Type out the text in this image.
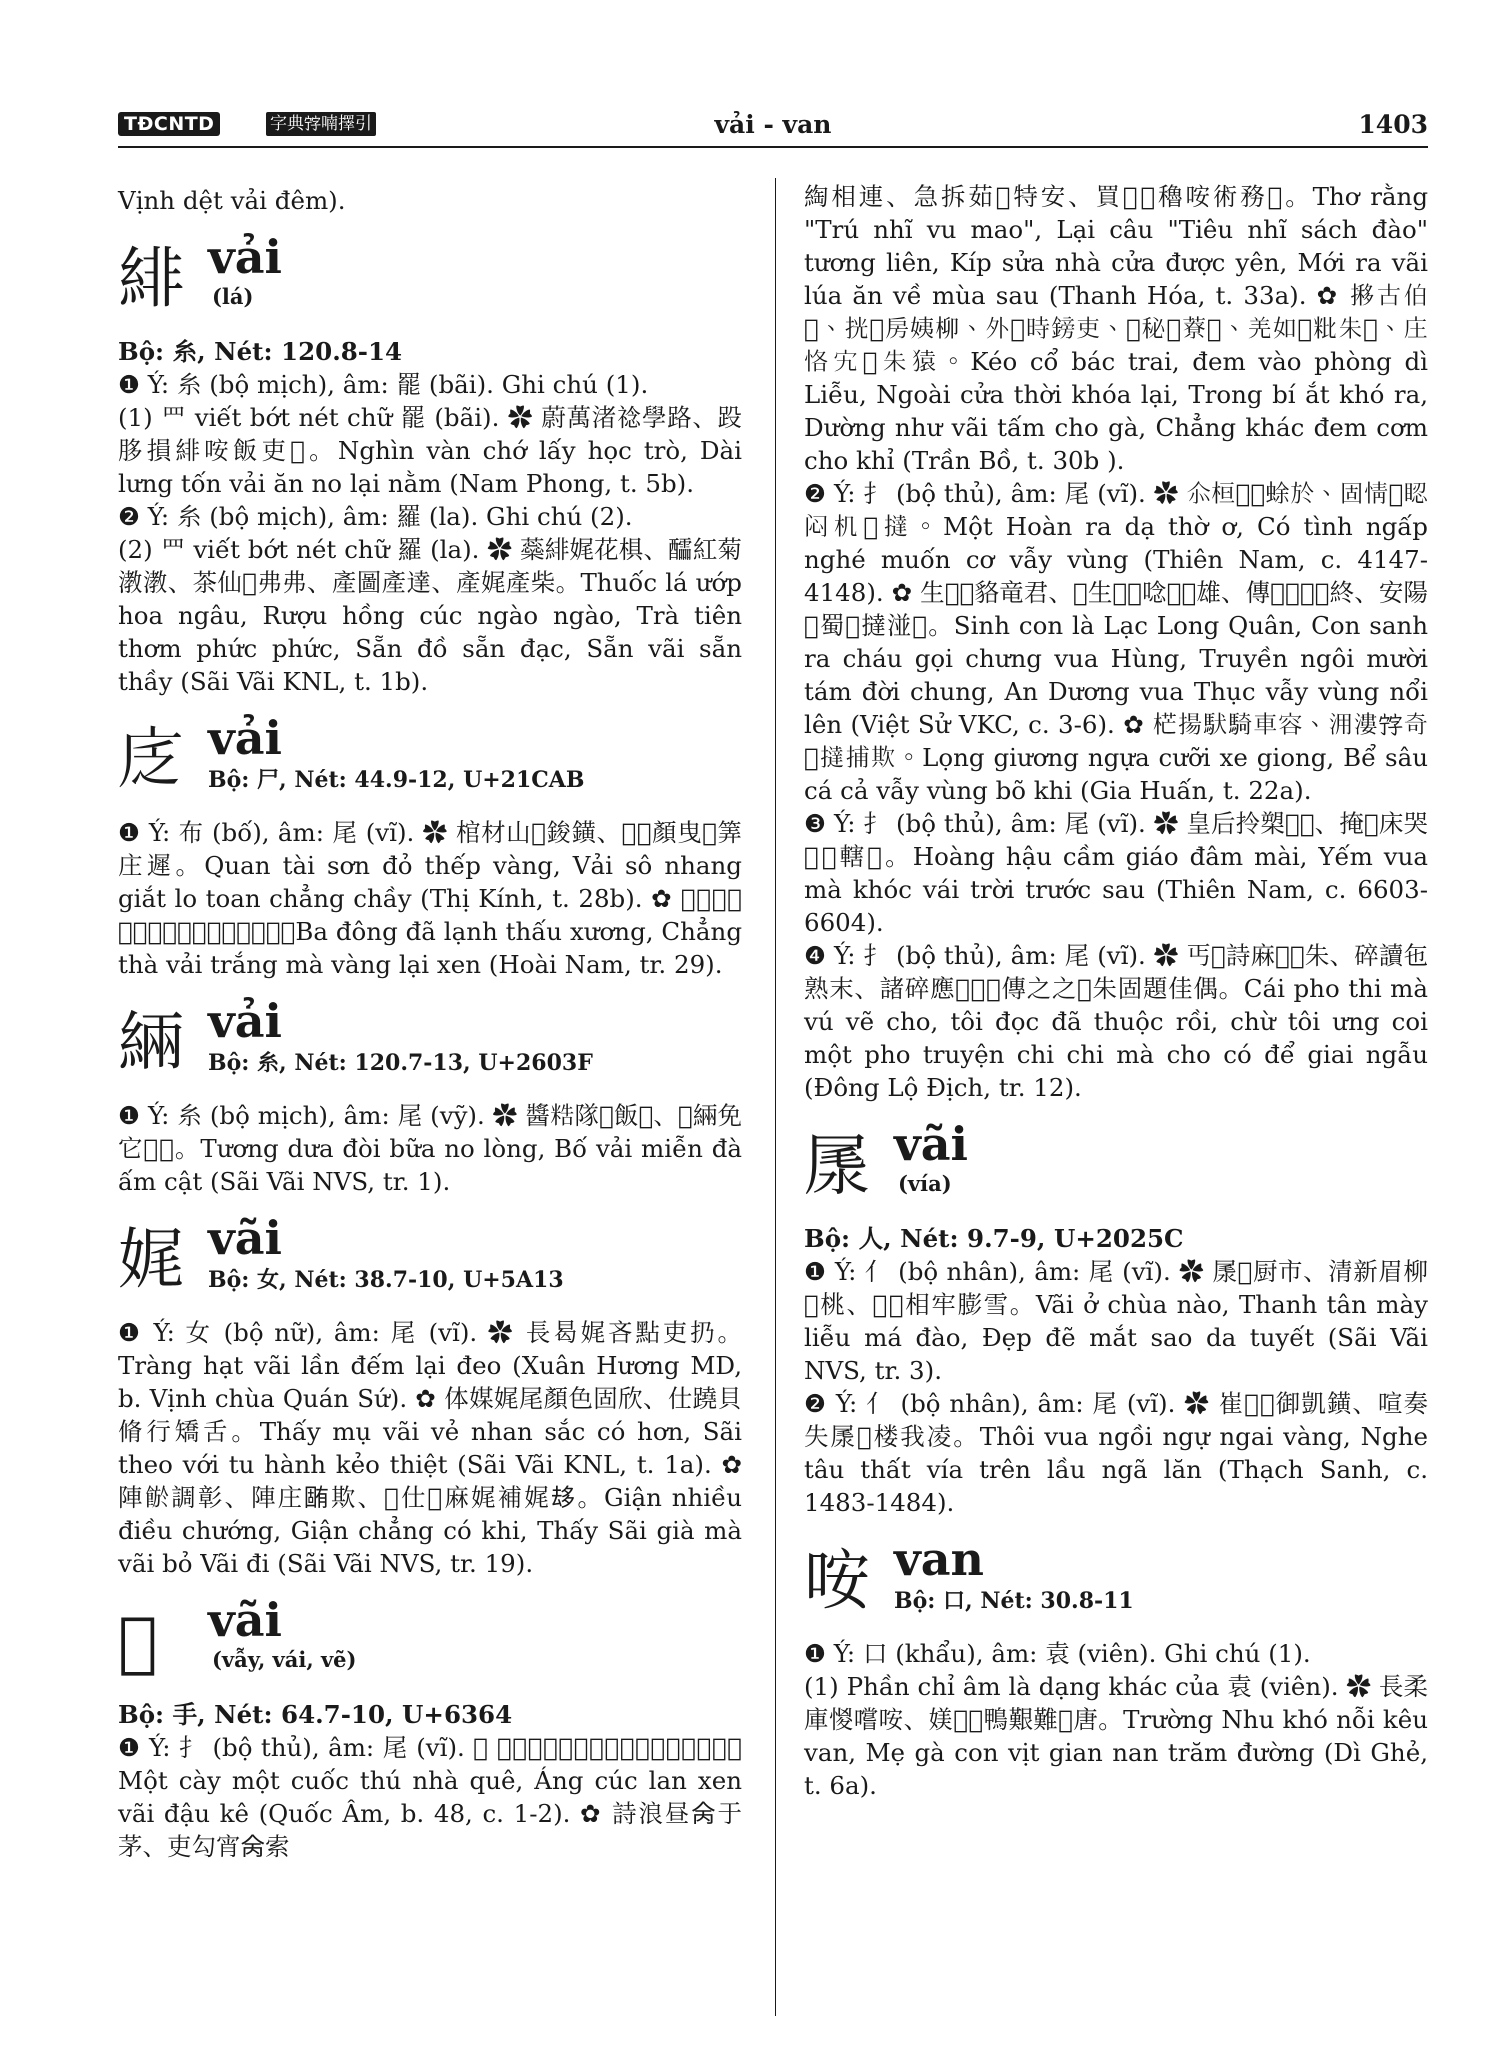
TĐCNTD	字典𡨸喃擇引	vải - van	1403

Vịnh dệt vải đêm).

緋 vải
(lá)

Bộ: 糸, Nét: 120.8-14

❶ Ý: 糸 (bộ mịch), âm: 罷 (bãi). Ghi chú (1).

(1) 罒 viết bớt nét chữ 罷 (bãi). ✿ 蔚萬渚䄒學路、䟝䏧損緋咹飯吏𦣰。Nghìn vàn chớ lấy học trò, Dài lưng tốn vải ăn no lại nằm (Nam Phong, t. 5b).

❷ Ý: 糸 (bộ mịch), âm: 羅 (la). Ghi chú (2).

(2) 罒 viết bớt nét chữ 羅 (la). ✿ 蘂緋娓花椇、醽紅菊漖漖、茶仙𦲿弗弗、產圖產達、產娓產柴。Thuốc lá ướp hoa ngâu, Rượu hồng cúc ngào ngào, Trà tiên thơm phức phức, Sẵn đồ sẵn đạc, Sẵn vãi sẵn thầy (Sãi Vãi KNL, t. 1b).

𢇫 vải
Bộ: 尸, Nét: 44.9-12, U+21CAB

❶ Ý: 布 (bố), âm: 尾 (vĩ). ✿ 棺材山𪽌鋑鐄、𢇫𦇒顏曳𢰥筭庄遲。Quan tài sơn đỏ thếp vàng, Vải sô nhang giắt lo toan chẳng chầy (Thị Kính, t. 28b). ✿ 𢀭冬㐌冷透昌、庄他𢇫𤽸麻鐄吏𢀭。Ba đông đã lạnh thấu xương, Chẳng thà vải trắng mà vàng lại xen (Hoài Nam, tr. 29).

緉 vải
Bộ: 糸, Nét: 120.7-13, U+2603F

❶ Ý: 糸 (bộ mịch), âm: 尾 (vỹ). ✿ 醬𥺊隊𣇜飯𢚸、𦀊緉免它𡏦𦛌。Tương dưa đòi bữa no lòng, Bố vải miễn đà ấm cật (Sãi Vãi NVS, tr. 1).

娓 vãi
Bộ: 女, Nét: 38.7-10, U+5A13

❶ Ý: 女 (bộ nữ), âm: 尾 (vĩ). ✿ 長曷娓吝點吏扔。Tràng hạt vãi lần đếm lại đeo (Xuân Hương MD, b. Vịnh chùa Quán Sứ). ✿ 体媒娓尾顏色固欣、仕蹺貝脩行矯舌。Thấy mụ vãi vẻ nhan sắc có hơn, Sãi theo với tu hành kẻo thiệt (Sãi Vãi KNL, t. 1a). ✿ 陣𩜏調彰、陣庄𣎏欺、𧡊仕𦓅麻娓補娓𠫾。Giận nhiều điều chướng, Giận chẳng có khi, Thấy Sãi già mà vãi bỏ Vãi đi (Sãi Vãi NVS, tr. 19).

𢬣	vãi
(vẫy, vái, vẽ)

Bộ: 手, Nét: 64.7-10, U+6364

❶ Ý: 扌 (bộ thủ), âm: 尾 (vĩ). ✿ 𡗶𦓿𡗶鏑趣茹圭、盎菊蘭杆𢬣豆𦷾。Một cày một cuốc thú nhà quê, Áng cúc lan xen vãi đậu kê (Quốc Âm, b. 48, c. 1-2). ✿ 詩浪昼𠇮于茅、吏勾宵𠇮索

綯相連、急拆茹𦁹特安、買𤯩𢬣穭咹術務𦫦。Thơ rằng "Trú nhĩ vu mao", Lại câu "Tiêu nhĩ sách đào" tương liên, Kíp sửa nhà cửa được yên, Mới ra vãi lúa ăn về mùa sau (Thanh Hóa, t. 33a). ✿ 𢴐古伯𪥘、挄𢀭房姨柳、外𦁹時鎊吏、𨉟秘𢀭𦼔𤯩、羌如𢬣粃朱𪂲、庄恪宄𨫊朱猿。Kéo cổ bác trai, đem vào phòng dì Liễu, Ngoài cửa thời khóa lại, Trong bí ắt khó ra, Dường như vãi tấm cho gà, Chẳng khác đem cơm cho khỉ (Trần Bồ, t. 30b ).

❷ Ý: 扌 (bộ thủ), âm: 尾 (vĩ). ✿ 𠇍桓𪡔𦛋蜍於、固情𥄭𥆾闷机𢬣撻。Một Hoàn ra dạ thờ ơ, Có tình ngấp nghé muốn cơ vẫy vùng (Thiên Nam, c. 4147-4148). ✿ 生𤯩𡗉貉竜君、𤯩生𤯩𠰘唸𤎏𢬣雄、傳𩈘𢀭𢯰𡗉終、安陽𢬣蜀𢬣撻湴𧿆。Sinh con là Lạc Long Quân, Con sanh ra cháu gọi chưng vua Hùng, Truyền ngôi mười tám đời chung, An Dương vua Thục vẫy vùng nổi lên (Việt Sử VKC, c. 3-6). ✿ 𣒣揚䭾騎車容、𣳔漊𡨸奇𢬣撻捕欺。Lọng giương ngựa cưỡi xe giong, Bể sâu cá cả vẫy vùng bõ khi (Gia Huấn, t. 22a).

❸ Ý: 扌 (bộ thủ), âm: 尾 (vĩ). ✿ 皇后拎槊𠛌𥕄、掩𢬣床哭𢬣𡗶轄𨋤。Hoàng hậu cầm giáo đâm mài, Yếm vua mà khóc vái trời trước sau (Thiên Nam, c. 6603-6604).

❹ Ý: 扌 (bộ thủ), âm: 尾 (vĩ). ✿ 丐𦝄詩麻𡛔𢬣朱、碎讀㐌熟末、諸碎應𥆾𠬠𦝄傳之之𢬣朱固題佳偶。Cái pho thi mà vú vẽ cho, tôi đọc đã thuộc rồi, chừ tôi ưng coi một pho truyện chi chi mà cho có để giai ngẫu (Đông Lộ Địch, tr. 12).

㞙 vãi
(vía)

Bộ: 人, Nét: 9.7-9, U+2025C

❶ Ý: 亻 (bộ nhân), âm: 尾 (vĩ). ✿ 㞙𣊾厨市、清新眉柳𦟐桃、𩈘𦛌相牢膨雪。Vãi ở chùa nào, Thanh tân mày liễu má đào, Đẹp đẽ mắt sao da tuyết (Sãi Vãi NVS, tr. 3).

❷ Ý: 亻 (bộ nhân), âm: 尾 (vĩ). ✿ 崔𢬣𡎢御凱鐄、喧奏失㞙𨕭楼我凌。Thôi vua ngồi ngự ngai vàng, Nghe tâu thất vía trên lầu ngã lăn (Thạch Sanh, c. 1483-1484).

咹 van
Bộ: 口, Nét: 30.8-11

❶ Ý: 口 (khẩu), âm: 袁 (viên). Ghi chú (1).

(1) Phần chỉ âm là dạng khác của 袁 (viên). ✿ 長柔庫惾嚐咹、媄𪂲𤯩鴨艱難𡗉唐。Trường Nhu khó nỗi kêu van, Mẹ gà con vịt gian nan trăm đường (Dì Ghẻ, t. 6a).
